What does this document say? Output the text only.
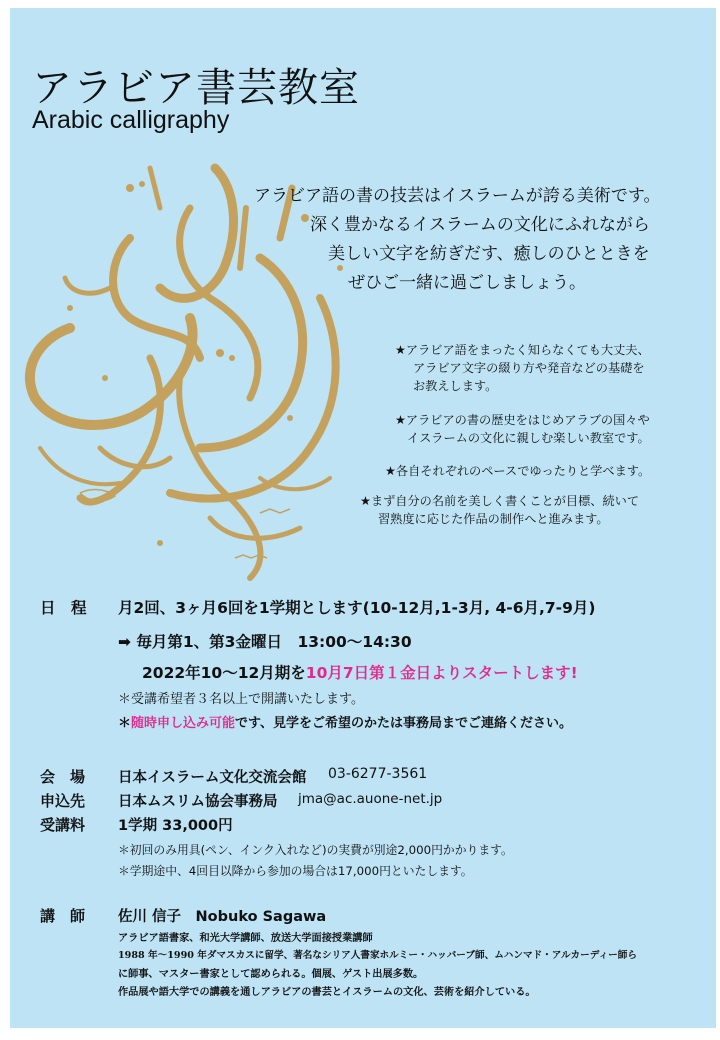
アラビア書芸教室
Arabic calligraphy
アラビア語の書の技芸はイスラームが誇る美術です。
深く豊かなるイスラームの文化にふれながら
美しい文字を紡ぎだす、癒しのひとときを
ぜひご一緒に過ごしましょう。
★アラビア語をまったく知らなくても大丈夫、
アラビア文字の綴り方や発音などの基礎を
お教えします。
★アラビアの書の歴史をはじめアラブの国々や
イスラームの文化に親しむ楽しい教室です。
★各自それぞれのペースでゆったりと学べます。
★まず自分の名前を美しく書くことが目標、続いて
習熟度に応じた作品の制作へと進みます。
日　程 月2回、3ヶ月6回を1学期とします(10-12月,1-3月, 4-6月,7-9月)
➡ 毎月第1、第3金曜日　13:00〜14:30
2022年10〜12月期を10月7日第１金日よりスタートします!
＊受講希望者３名以上で開講いたします。
＊随時申し込み可能です、見学をご希望のかたは事務局までご連絡ください。
会　場 日本イスラーム文化交流会館 03-6277-3561
申込先 日本ムスリム協会事務局 jma@ac.auone-net.jp
受講料 1学期 33,000円
＊初回のみ用具(ペン、インク入れなど)の実費が別途2,000円かかります。
＊学期途中、4回目以降から参加の場合は17,000円といたします。
講　師 佐川 信子　Nobuko Sagawa
アラビア語書家、和光大学講師、放送大学面接授業講師
1988 年〜1990 年ダマスカスに留学、著名なシリア人書家ホルミー・ハッバーブ師、ムハンマド・アルカーディー師ら
に師事、マスター書家として認められる。個展、ゲスト出展多数。
作品展や語大学での講義を通しアラビアの書芸とイスラームの文化、芸術を紹介している。
